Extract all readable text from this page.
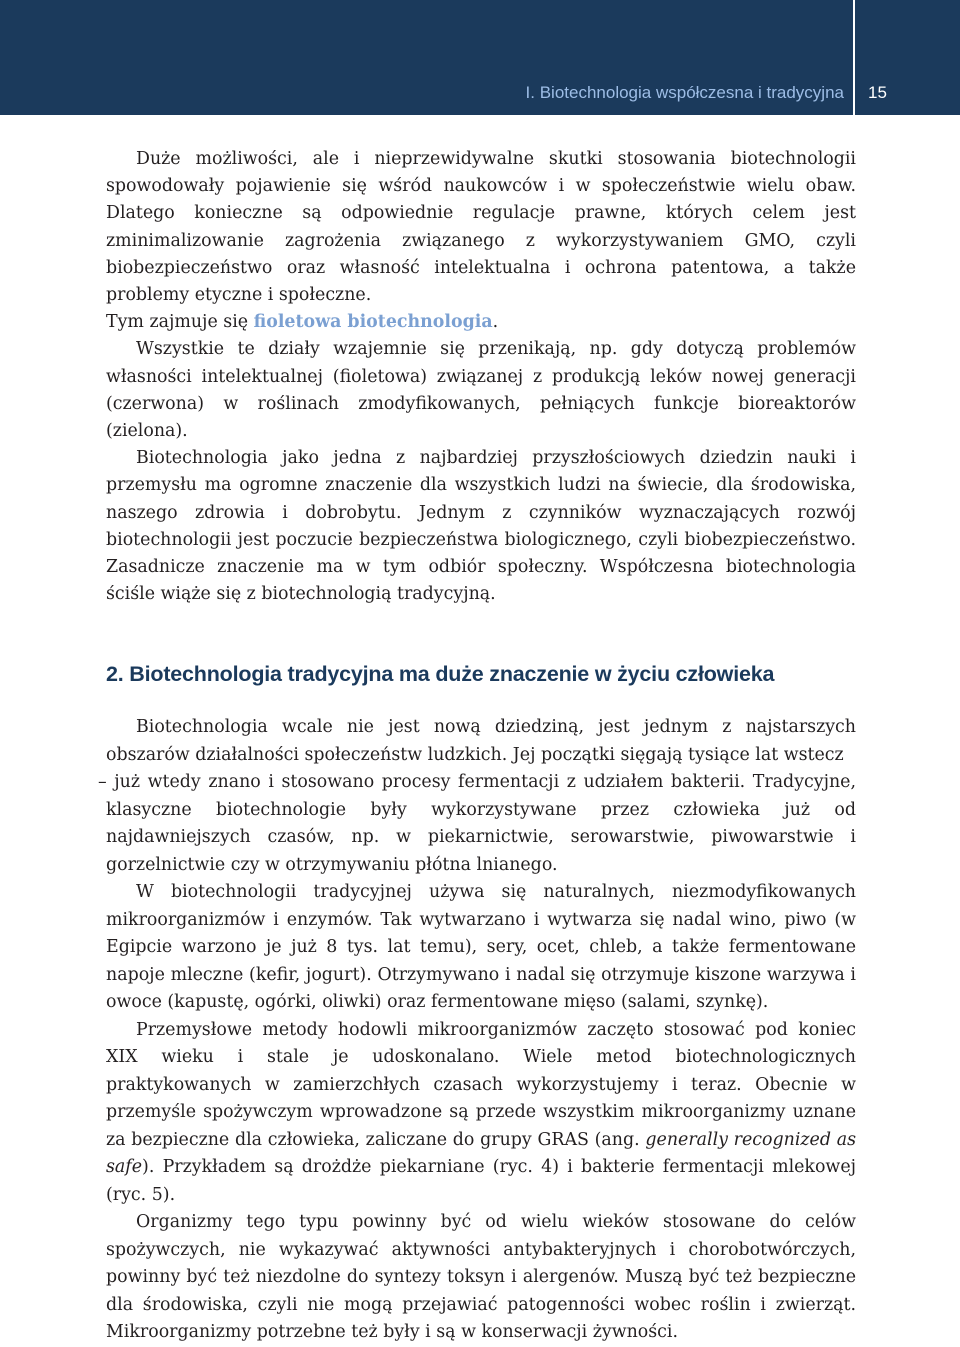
I. Biotechnologia współczesna i tradycyjna	15

Duże możliwości, ale i nieprzewidywalne skutki stosowania biotechnologii spowodowały pojawienie się wśród naukowców i w społeczeństwie wielu obaw. Dlatego konieczne są odpowiednie regulacje prawne, których celem jest zminimalizowanie zagrożenia związanego z wykorzystywaniem GMO, czyli biobezpieczeństwo oraz własność intelektualna i ochrona patentowa, a także problemy etyczne i społeczne.

Tym zajmuje się fioletowa biotechnologia.

Wszystkie te działy wzajemnie się przenikają, np. gdy dotyczą problemów własności intelektualnej (fioletowa) związanej z produkcją leków nowej generacji (czerwona) w roślinach zmodyfikowanych, pełniących funkcje bioreaktorów (zielona).

Biotechnologia jako jedna z najbardziej przyszłościowych dziedzin nauki i przemysłu ma ogromne znaczenie dla wszystkich ludzi na świecie, dla środowiska, naszego zdrowia i dobrobytu. Jednym z czynników wyznaczających rozwój biotechnologii jest poczucie bezpieczeństwa biologicznego, czyli biobezpieczeństwo. Zasadnicze znaczenie ma w tym odbiór społeczny. Współczesna biotechnologia ściśle wiąże się z biotechnologią tradycyjną.

2. Biotechnologia tradycyjna ma duże znaczenie w życiu człowieka

Biotechnologia wcale nie jest nową dziedziną, jest jednym z najstarszych obszarów działalności społeczeństw ludzkich. Jej początki sięgają tysiące lat wstecz

– już wtedy znano i stosowano procesy fermentacji z udziałem bakterii. Tradycyjne, klasyczne biotechnologie były wykorzystywane przez człowieka już od najdawniejszych czasów, np. w piekarnictwie, serowarstwie, piwowarstwie i gorzelnictwie czy w otrzymywaniu płótna lnianego.

W biotechnologii tradycyjnej używa się naturalnych, niezmodyfikowanych mikroorganizmów i enzymów. Tak wytwarzano i wytwarza się nadal wino, piwo (w Egipcie warzono je już 8 tys. lat temu), sery, ocet, chleb, a także fermentowane napoje mleczne (kefir, jogurt). Otrzymywano i nadal się otrzymuje kiszone warzywa i owoce (kapustę, ogórki, oliwki) oraz fermentowane mięso (salami, szynkę).

Przemysłowe metody hodowli mikroorganizmów zaczęto stosować pod koniec XIX wieku i stale je udoskonalano. Wiele metod biotechnologicznych praktykowanych w zamierzchłych czasach wykorzystujemy i teraz. Obecnie w przemyśle spożywczym wprowadzone są przede wszystkim mikroorganizmy uznane za bezpieczne dla człowieka, zaliczane do grupy GRAS (ang. generally recognized as safe). Przykładem są drożdże piekarniane (ryc. 4) i bakterie fermentacji mlekowej (ryc. 5).

Organizmy tego typu powinny być od wielu wieków stosowane do celów spożywczych, nie wykazywać aktywności antybakteryjnych i chorobotwórczych, powinny być też niezdolne do syntezy toksyn i alergenów. Muszą być też bezpieczne dla środowiska, czyli nie mogą przejawiać patogenności wobec roślin i zwierząt. Mikroorganizmy potrzebne też były i są w konserwacji żywności.
